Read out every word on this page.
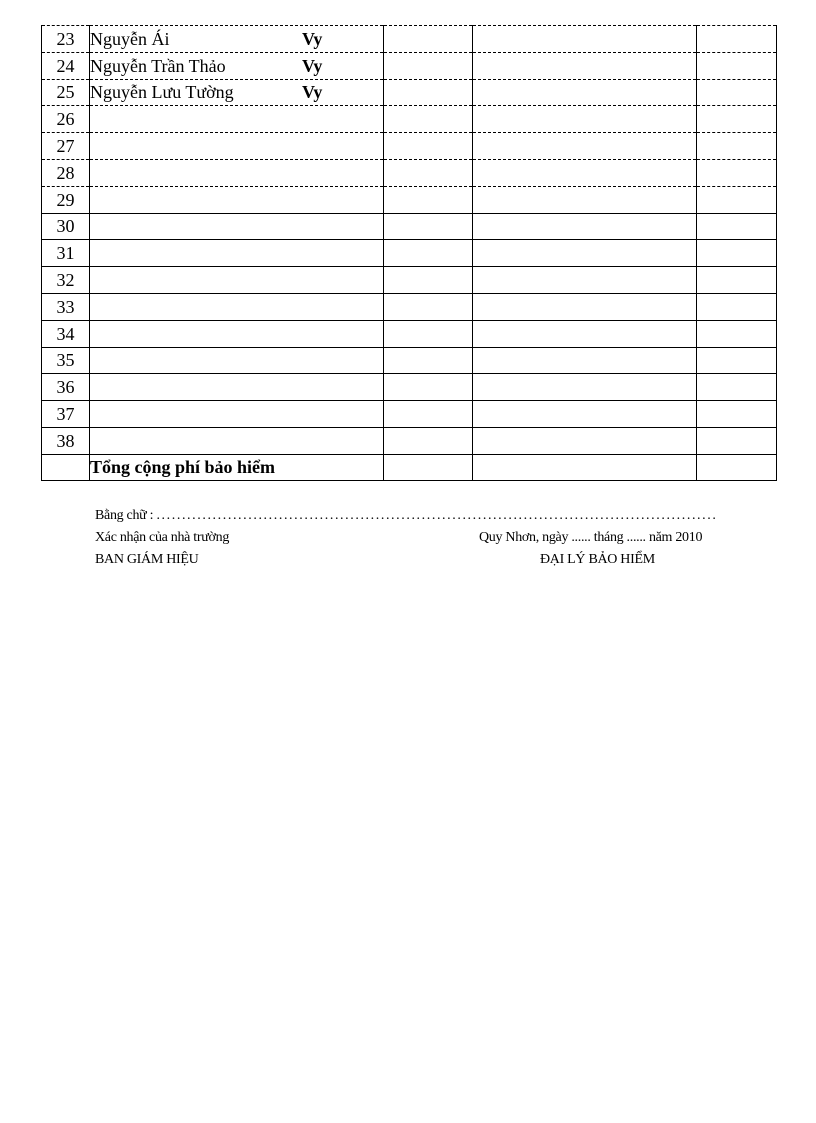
23	Nguyễn Ái Vy			
24	Nguyễn Trần Thảo Vy			
25	Nguyễn Lưu Tường Vy			
26				
27				
28				
29				
30				
31				
32				
33				
34				
35				
36				
37				
38				
	Tổng cộng phí bảo hiểm			
Bằng chữ : ..............................................................................................................
Xác nhận của nhà trường	Quy Nhơn, ngày ...... tháng ...... năm 2010
BAN GIÁM HIỆU	ĐẠI LÝ BẢO HIỂM
